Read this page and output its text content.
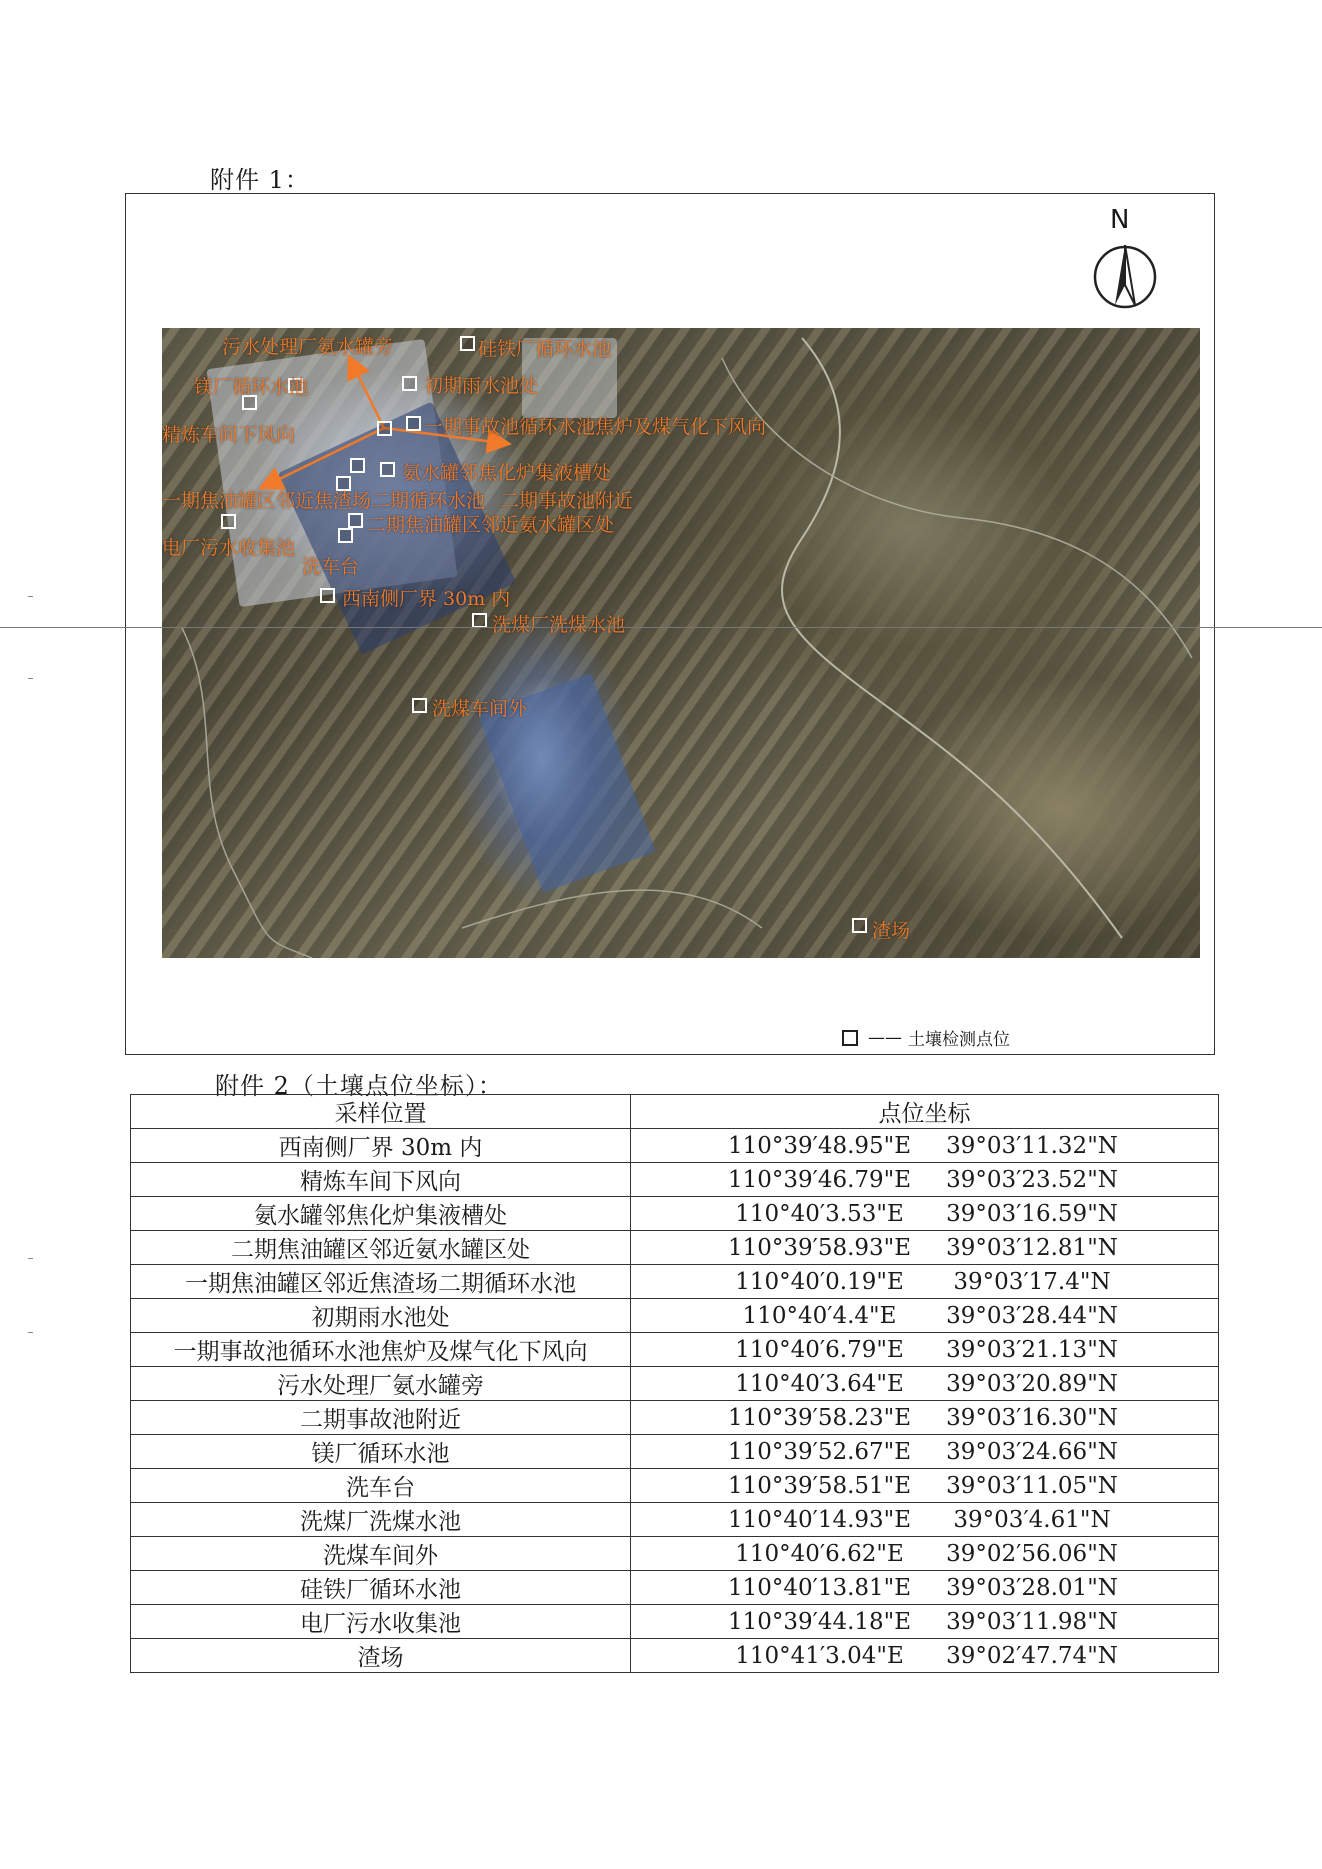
附件 1：
N
污水处理厂氨水罐旁	硅铁厂循环水池
镁厂循环水池	初期雨水池处
精炼车间下风向	一期事故池循环水池焦炉及煤气化下风向
氨水罐邻焦化炉集液槽处
一期焦油罐区邻近焦渣场二期循环水池 二期事故池附近
二期焦油罐区邻近氨水罐区处
电厂污水收集池
洗车台
西南侧厂界 30m 内
洗煤厂洗煤水池
洗煤车间外
渣场
—— 土壤检测点位
附件 2（土壤点位坐标）：
采样位置	点位坐标
西南侧厂界 30m 内	110°39′48.95"E 39°03′11.32"N

精炼车间下风向	110°39′46.79"E 39°03′23.52"N

氨水罐邻焦化炉集液槽处	110°40′3.53"E 39°03′16.59"N

二期焦油罐区邻近氨水罐区处	110°39′58.93"E 39°03′12.81"N

一期焦油罐区邻近焦渣场二期循环水池	110°40′0.19"E 39°03′17.4"N

初期雨水池处	110°40′4.4"E 39°03′28.44"N

一期事故池循环水池焦炉及煤气化下风向	110°40′6.79"E 39°03′21.13"N

污水处理厂氨水罐旁	110°40′3.64"E 39°03′20.89"N

二期事故池附近	110°39′58.23"E 39°03′16.30"N

镁厂循环水池	110°39′52.67"E 39°03′24.66"N

洗车台	110°39′58.51"E 39°03′11.05"N

洗煤厂洗煤水池	110°40′14.93"E 39°03′4.61"N

洗煤车间外	110°40′6.62"E 39°02′56.06"N

硅铁厂循环水池	110°40′13.81"E 39°03′28.01"N

电厂污水收集池	110°39′44.18"E 39°03′11.98"N

渣场	110°41′3.04"E 39°02′47.74"N
